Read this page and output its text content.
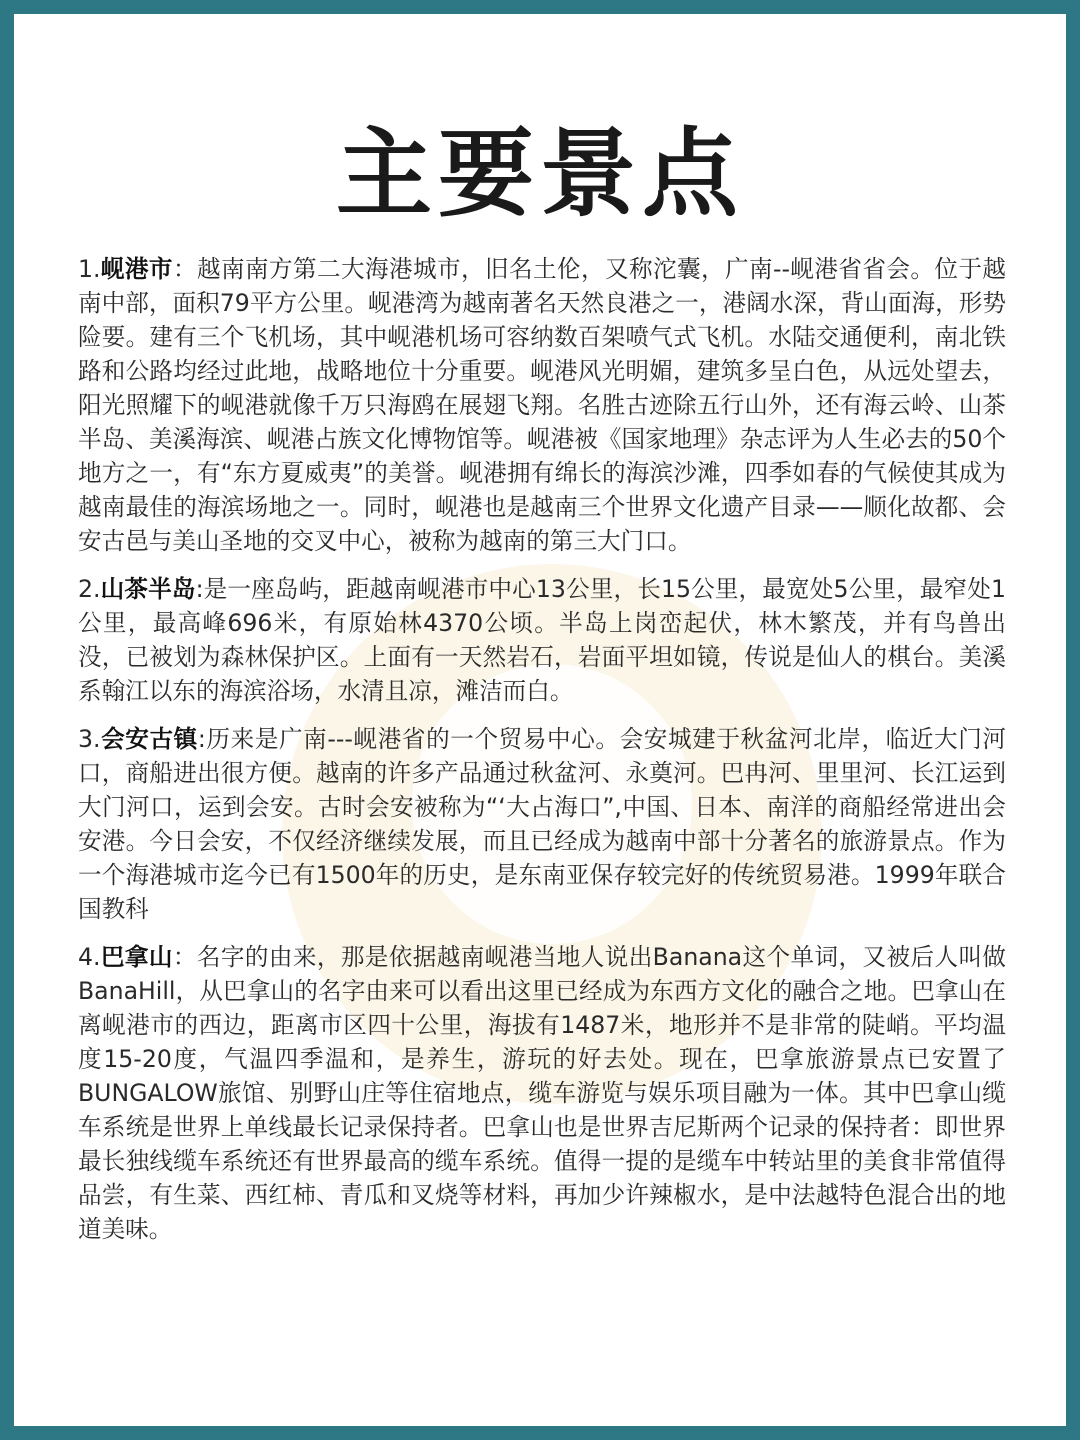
主要景点

1.岘港市：越南南方第二大海港城市，旧名土伦，又称沱囊，广南--岘港省省会。位于越南中部，面积79平方公里。岘港湾为越南著名天然良港之一，港阔水深，背山面海，形势险要。建有三个飞机场，其中岘港机场可容纳数百架喷气式飞机。水陆交通便利，南北铁路和公路均经过此地，战略地位十分重要。岘港风光明媚，建筑多呈白色，从远处望去，阳光照耀下的岘港就像千万只海鸥在展翅飞翔。名胜古迹除五行山外，还有海云岭、山茶半岛、美溪海滨、岘港占族文化博物馆等。岘港被《国家地理》杂志评为人生必去的50个地方之一，有“东方夏威夷”的美誉。岘港拥有绵长的海滨沙滩，四季如春的气候使其成为越南最佳的海滨场地之一。同时，岘港也是越南三个世界文化遗产目录——顺化故都、会安古邑与美山圣地的交叉中心，被称为越南的第三大门口。

2.山茶半岛:是一座岛屿，距越南岘港市中心13公里，长15公里，最宽处5公里，最窄处1公里，最高峰696米，有原始林4370公顷。半岛上岗峦起伏，林木繁茂，并有鸟兽出没，已被划为森林保护区。上面有一天然岩石，岩面平坦如镜，传说是仙人的棋台。美溪系翰江以东的海滨浴场，水清且凉，滩洁而白。

3.会安古镇:历来是广南---岘港省的一个贸易中心。会安城建于秋盆河北岸，临近大门河口，商船进出很方便。越南的许多产品通过秋盆河、永奠河。巴冉河、里里河、长江运到大门河口，运到会安。古时会安被称为“‘大占海口”,中国、日本、南洋的商船经常进出会安港。今日会安，不仅经济继续发展，而且已经成为越南中部十分著名的旅游景点。作为一个海港城市迄今已有1500年的历史，是东南亚保存较完好的传统贸易港。1999年联合国教科

4.巴拿山：名字的由来，那是依据越南岘港当地人说出Banana这个单词，又被后人叫做BanaHill，从巴拿山的名字由来可以看出这里已经成为东西方文化的融合之地。巴拿山在离岘港市的西边，距离市区四十公里，海拔有1487米，地形并不是非常的陡峭。平均温度15-20度，气温四季温和，是养生，游玩的好去处。现在，巴拿旅游景点已安置了BUNGALOW旅馆、别野山庄等住宿地点，缆车游览与娱乐项目融为一体。其中巴拿山缆车系统是世界上单线最长记录保持者。巴拿山也是世界吉尼斯两个记录的保持者：即世界最长独线缆车系统还有世界最高的缆车系统。值得一提的是缆车中转站里的美食非常值得品尝，有生菜、西红柿、青瓜和叉烧等材料，再加少许辣椒水，是中法越特色混合出的地道美味。
